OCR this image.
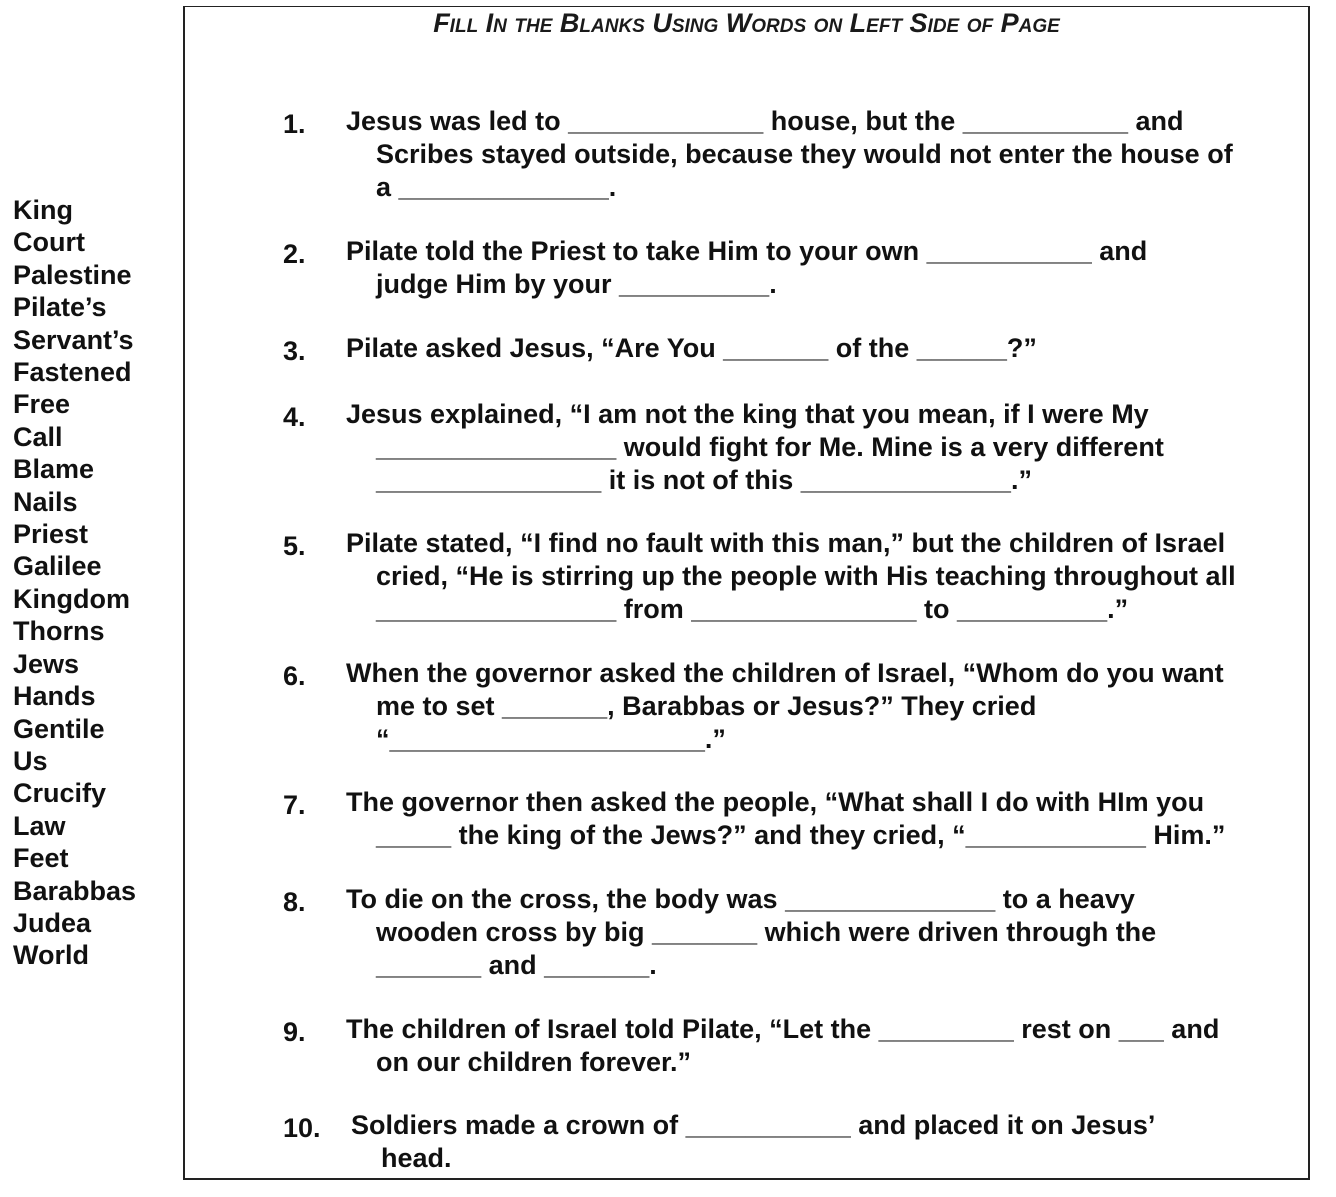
Fill In the Blanks Using Words on Left Side of Page
King
Court
Palestine
Pilate’s
Servant’s
Fastened
Free
Call
Blame
Nails
Priest
Galilee
Kingdom
Thorns
Jews
Hands
Gentile
Us
Crucify
Law
Feet
Barabbas
Judea
World
1. Jesus was led to _____________ house, but the ___________ and
Scribes stayed outside, because they would not enter the house of
a ______________.
2. Pilate told the Priest to take Him to your own ___________ and
judge Him by your __________.
3. Pilate asked Jesus, “Are You _______ of the ______?”
4. Jesus explained, “I am not the king that you mean, if I were My
________________ would fight for Me. Mine is a very different
_______________ it is not of this ______________.”
5. Pilate stated, “I find no fault with this man,” but the children of Israel
cried, “He is stirring up the people with His teaching throughout all
________________ from _______________ to __________.”
6. When the governor asked the children of Israel, “Whom do you want
me to set _______, Barabbas or Jesus?” They cried
“_____________________.”
7. The governor then asked the people, “What shall I do with HIm you
_____ the king of the Jews?” and they cried, “____________ Him.”
8. To die on the cross, the body was ______________ to a heavy
wooden cross by big _______ which were driven through the
_______ and _______.
9. The children of Israel told Pilate, “Let the _________ rest on ___ and
on our children forever.”
10. Soldiers made a crown of ___________ and placed it on Jesus’
head.
